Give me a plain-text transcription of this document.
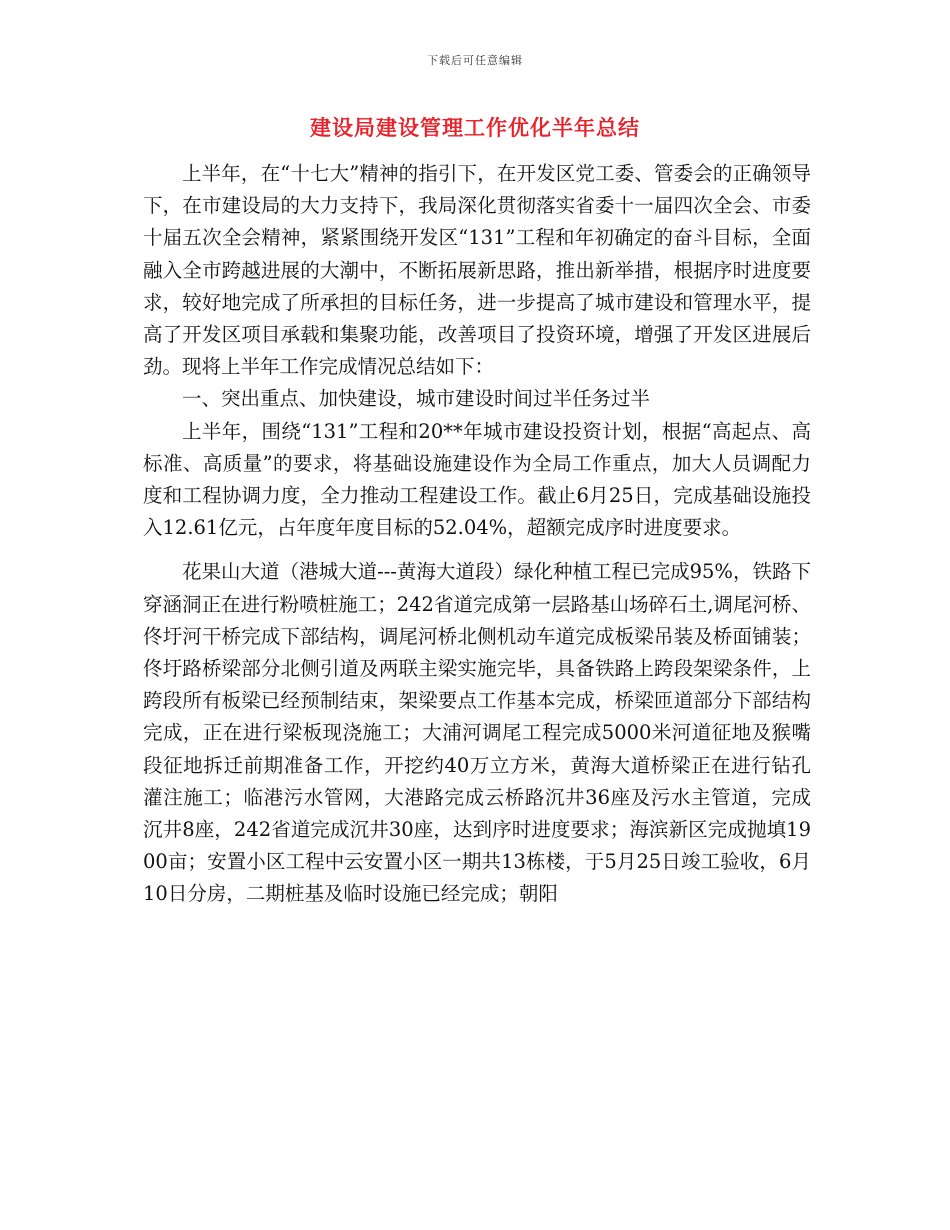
下载后可任意编辑
建设局建设管理工作优化半年总结

上半年，在“十七大”精神的指引下，在开发区党工委、管委会的正确领导下，在市建设局的大力支持下，我局深化贯彻落实省委十一届四次全会、市委十届五次全会精神，紧紧围绕开发区“131”工程和年初确定的奋斗目标，全面融入全市跨越进展的大潮中，不断拓展新思路，推出新举措，根据序时进度要求，较好地完成了所承担的目标任务，进一步提高了城市建设和管理水平，提高了开发区项目承载和集聚功能，改善项目了投资环境，增强了开发区进展后劲。现将上半年工作完成情况总结如下：

一、突出重点、加快建设，城市建设时间过半任务过半

上半年，围绕“131”工程和20**年城市建设投资计划，根据“高起点、高标准、高质量”的要求，将基础设施建设作为全局工作重点，加大人员调配力度和工程协调力度，全力推动工程建设工作。截止6月25日，完成基础设施投入12.61亿元，占年度年度目标的52.04%，超额完成序时进度要求。

花果山大道（港城大道---黄海大道段）绿化种植工程已完成95%，铁路下穿涵洞正在进行粉喷桩施工；242省道完成第一层路基山场碎石土,调尾河桥、佟圩河干桥完成下部结构，调尾河桥北侧机动车道完成板梁吊装及桥面铺装；佟圩路桥梁部分北侧引道及两联主梁实施完毕，具备铁路上跨段架梁条件，上跨段所有板梁已经预制结束，架梁要点工作基本完成，桥梁匝道部分下部结构完成，正在进行梁板现浇施工；大浦河调尾工程完成5000米河道征地及猴嘴段征地拆迁前期准备工作，开挖约40万立方米，黄海大道桥梁正在进行钻孔灌注施工；临港污水管网，大港路完成云桥路沉井36座及污水主管道，完成沉井8座，242省道完成沉井30座，达到序时进度要求；海滨新区完成抛填1900亩；安置小区工程中云安置小区一期共13栋楼，于5月25日竣工验收，6月10日分房，二期桩基及临时设施已经完成；朝阳
